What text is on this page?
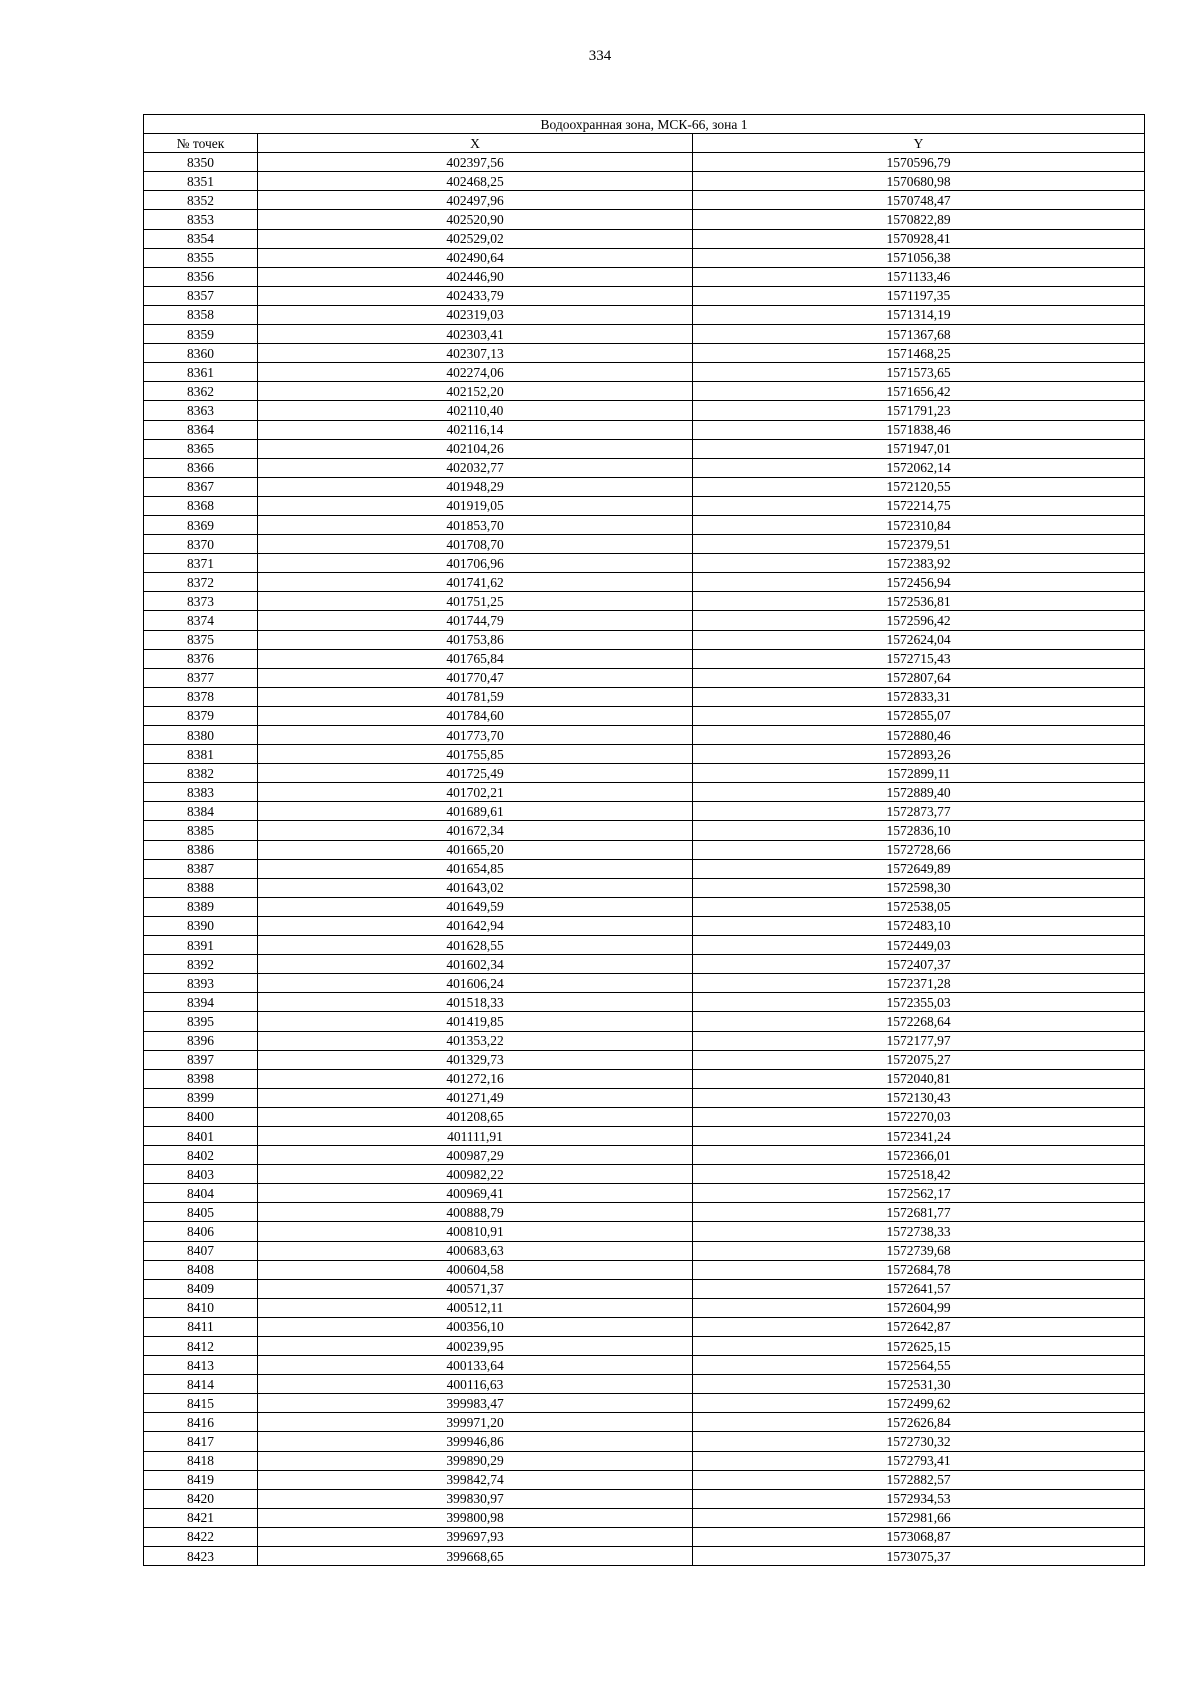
334
Водоохранная зона, МСК-66, зона 1		
№ точек	X	Y
8350	402397,56	1570596,79
8351	402468,25	1570680,98
8352	402497,96	1570748,47
8353	402520,90	1570822,89
8354	402529,02	1570928,41
8355	402490,64	1571056,38
8356	402446,90	1571133,46
8357	402433,79	1571197,35
8358	402319,03	1571314,19
8359	402303,41	1571367,68
8360	402307,13	1571468,25
8361	402274,06	1571573,65
8362	402152,20	1571656,42
8363	402110,40	1571791,23
8364	402116,14	1571838,46
8365	402104,26	1571947,01
8366	402032,77	1572062,14
8367	401948,29	1572120,55
8368	401919,05	1572214,75
8369	401853,70	1572310,84
8370	401708,70	1572379,51
8371	401706,96	1572383,92
8372	401741,62	1572456,94
8373	401751,25	1572536,81
8374	401744,79	1572596,42
8375	401753,86	1572624,04
8376	401765,84	1572715,43
8377	401770,47	1572807,64
8378	401781,59	1572833,31
8379	401784,60	1572855,07
8380	401773,70	1572880,46
8381	401755,85	1572893,26
8382	401725,49	1572899,11
8383	401702,21	1572889,40
8384	401689,61	1572873,77
8385	401672,34	1572836,10
8386	401665,20	1572728,66
8387	401654,85	1572649,89
8388	401643,02	1572598,30
8389	401649,59	1572538,05
8390	401642,94	1572483,10
8391	401628,55	1572449,03
8392	401602,34	1572407,37
8393	401606,24	1572371,28
8394	401518,33	1572355,03
8395	401419,85	1572268,64
8396	401353,22	1572177,97
8397	401329,73	1572075,27
8398	401272,16	1572040,81
8399	401271,49	1572130,43
8400	401208,65	1572270,03
8401	401111,91	1572341,24
8402	400987,29	1572366,01
8403	400982,22	1572518,42
8404	400969,41	1572562,17
8405	400888,79	1572681,77
8406	400810,91	1572738,33
8407	400683,63	1572739,68
8408	400604,58	1572684,78
8409	400571,37	1572641,57
8410	400512,11	1572604,99
8411	400356,10	1572642,87
8412	400239,95	1572625,15
8413	400133,64	1572564,55
8414	400116,63	1572531,30
8415	399983,47	1572499,62
8416	399971,20	1572626,84
8417	399946,86	1572730,32
8418	399890,29	1572793,41
8419	399842,74	1572882,57
8420	399830,97	1572934,53
8421	399800,98	1572981,66
8422	399697,93	1573068,87
8423	399668,65	1573075,37
